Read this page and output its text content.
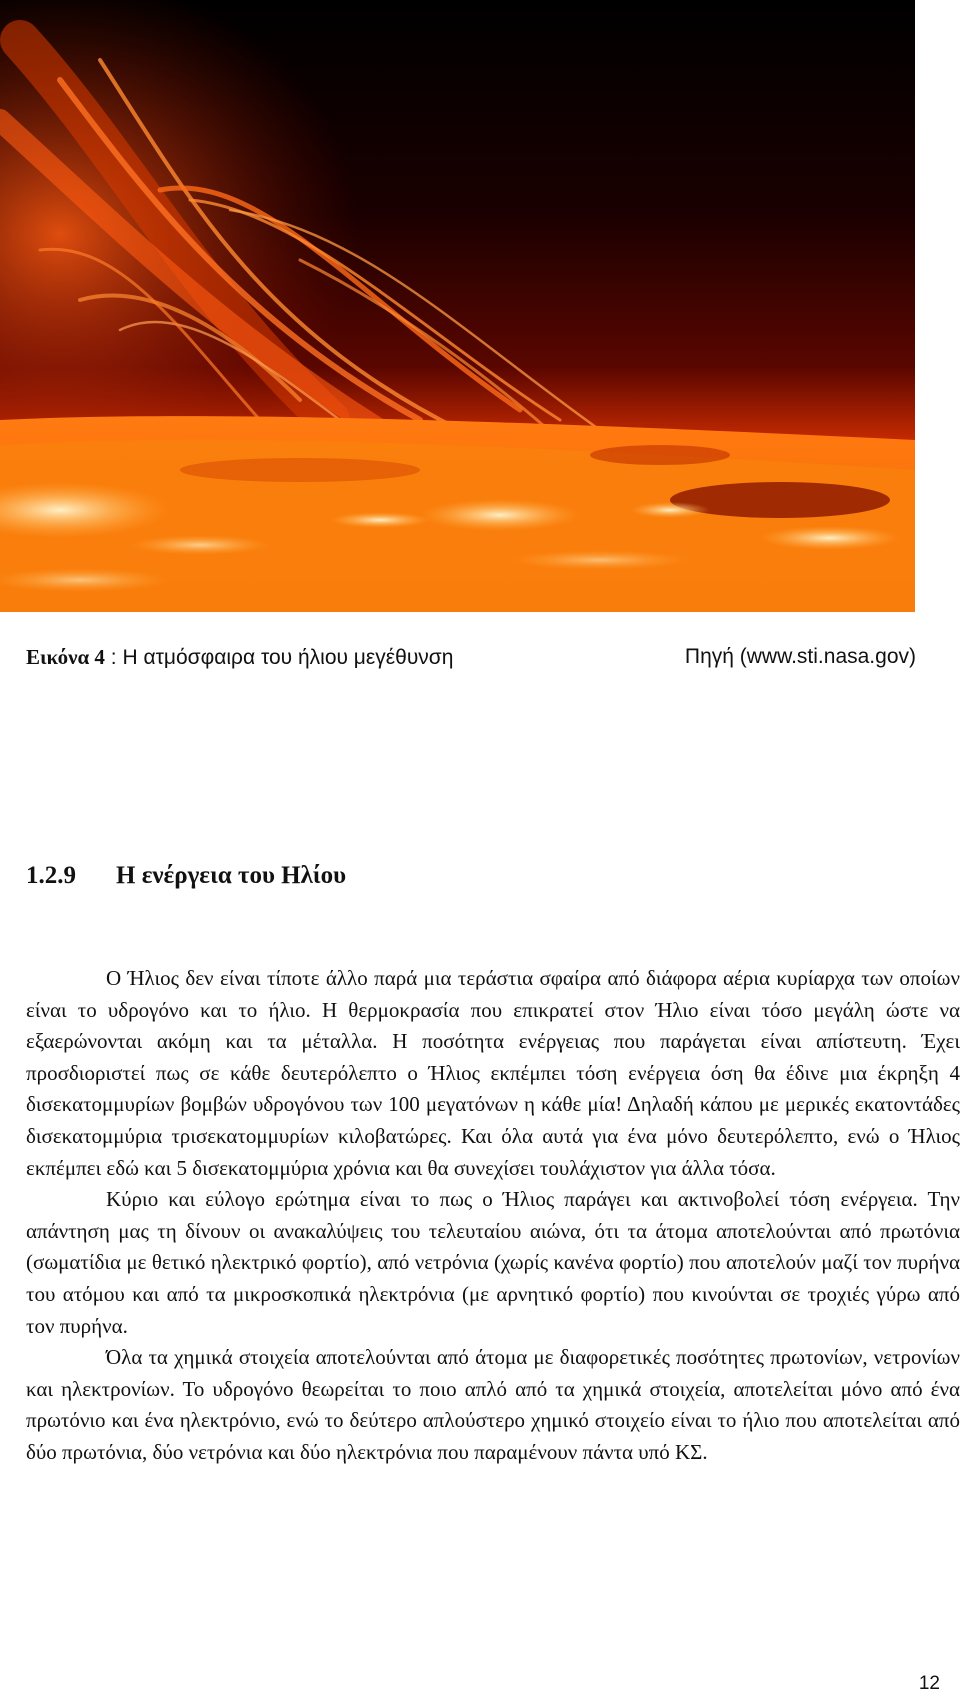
Εικόνα 4 : Η ατμόσφαιρα του ήλιου μεγέθυνση	Πηγή (www.sti.nasa.gov)
1.2.9 Η ενέργεια του Ηλίου

Ο Ήλιος δεν είναι τίποτε άλλο παρά μια τεράστια σφαίρα από διάφορα αέρια κυρίαρχα των οποίων είναι το υδρογόνο και το ήλιο. Η θερμοκρασία που επικρατεί στον Ήλιο είναι τόσο μεγάλη ώστε να εξαερώνονται ακόμη και τα μέταλλα. Η ποσότητα ενέργειας που παράγεται είναι απίστευτη. Έχει προσδιοριστεί πως σε κάθε δευτερόλεπτο ο Ήλιος εκπέμπει τόση ενέργεια όση θα έδινε μια έκρηξη 4 δισεκατομμυρίων βομβών υδρογόνου των 100 μεγατόνων η κάθε μία! Δηλαδή κάπου με μερικές εκατοντάδες δισεκατομμύρια τρισεκατομμυρίων κιλοβατώρες. Και όλα αυτά για ένα μόνο δευτερόλεπτο, ενώ ο Ήλιος εκπέμπει εδώ και 5 δισεκατομμύρια χρόνια και θα συνεχίσει τουλάχιστον για άλλα τόσα.

Κύριο και εύλογο ερώτημα είναι το πως ο Ήλιος παράγει και ακτινοβολεί τόση ενέργεια. Την απάντηση μας τη δίνουν οι ανακαλύψεις του τελευταίου αιώνα, ότι τα άτομα αποτελούνται από πρωτόνια (σωματίδια με θετικό ηλεκτρικό φορτίο), από νετρόνια (χωρίς κανένα φορτίο) που αποτελούν μαζί τον πυρήνα του ατόμου και από τα μικροσκοπικά ηλεκτρόνια (με αρνητικό φορτίο) που κινούνται σε τροχιές γύρω από τον πυρήνα.

Όλα τα χημικά στοιχεία αποτελούνται από άτομα με διαφορετικές ποσότητες πρωτονίων, νετρονίων και ηλεκτρονίων. Το υδρογόνο θεωρείται το ποιο απλό από τα χημικά στοιχεία, αποτελείται μόνο από ένα πρωτόνιο και ένα ηλεκτρόνιο, ενώ το δεύτερο απλούστερο χημικό στοιχείο είναι το ήλιο που αποτελείται από δύο πρωτόνια, δύο νετρόνια και δύο ηλεκτρόνια που παραμένουν πάντα υπό ΚΣ.

12
